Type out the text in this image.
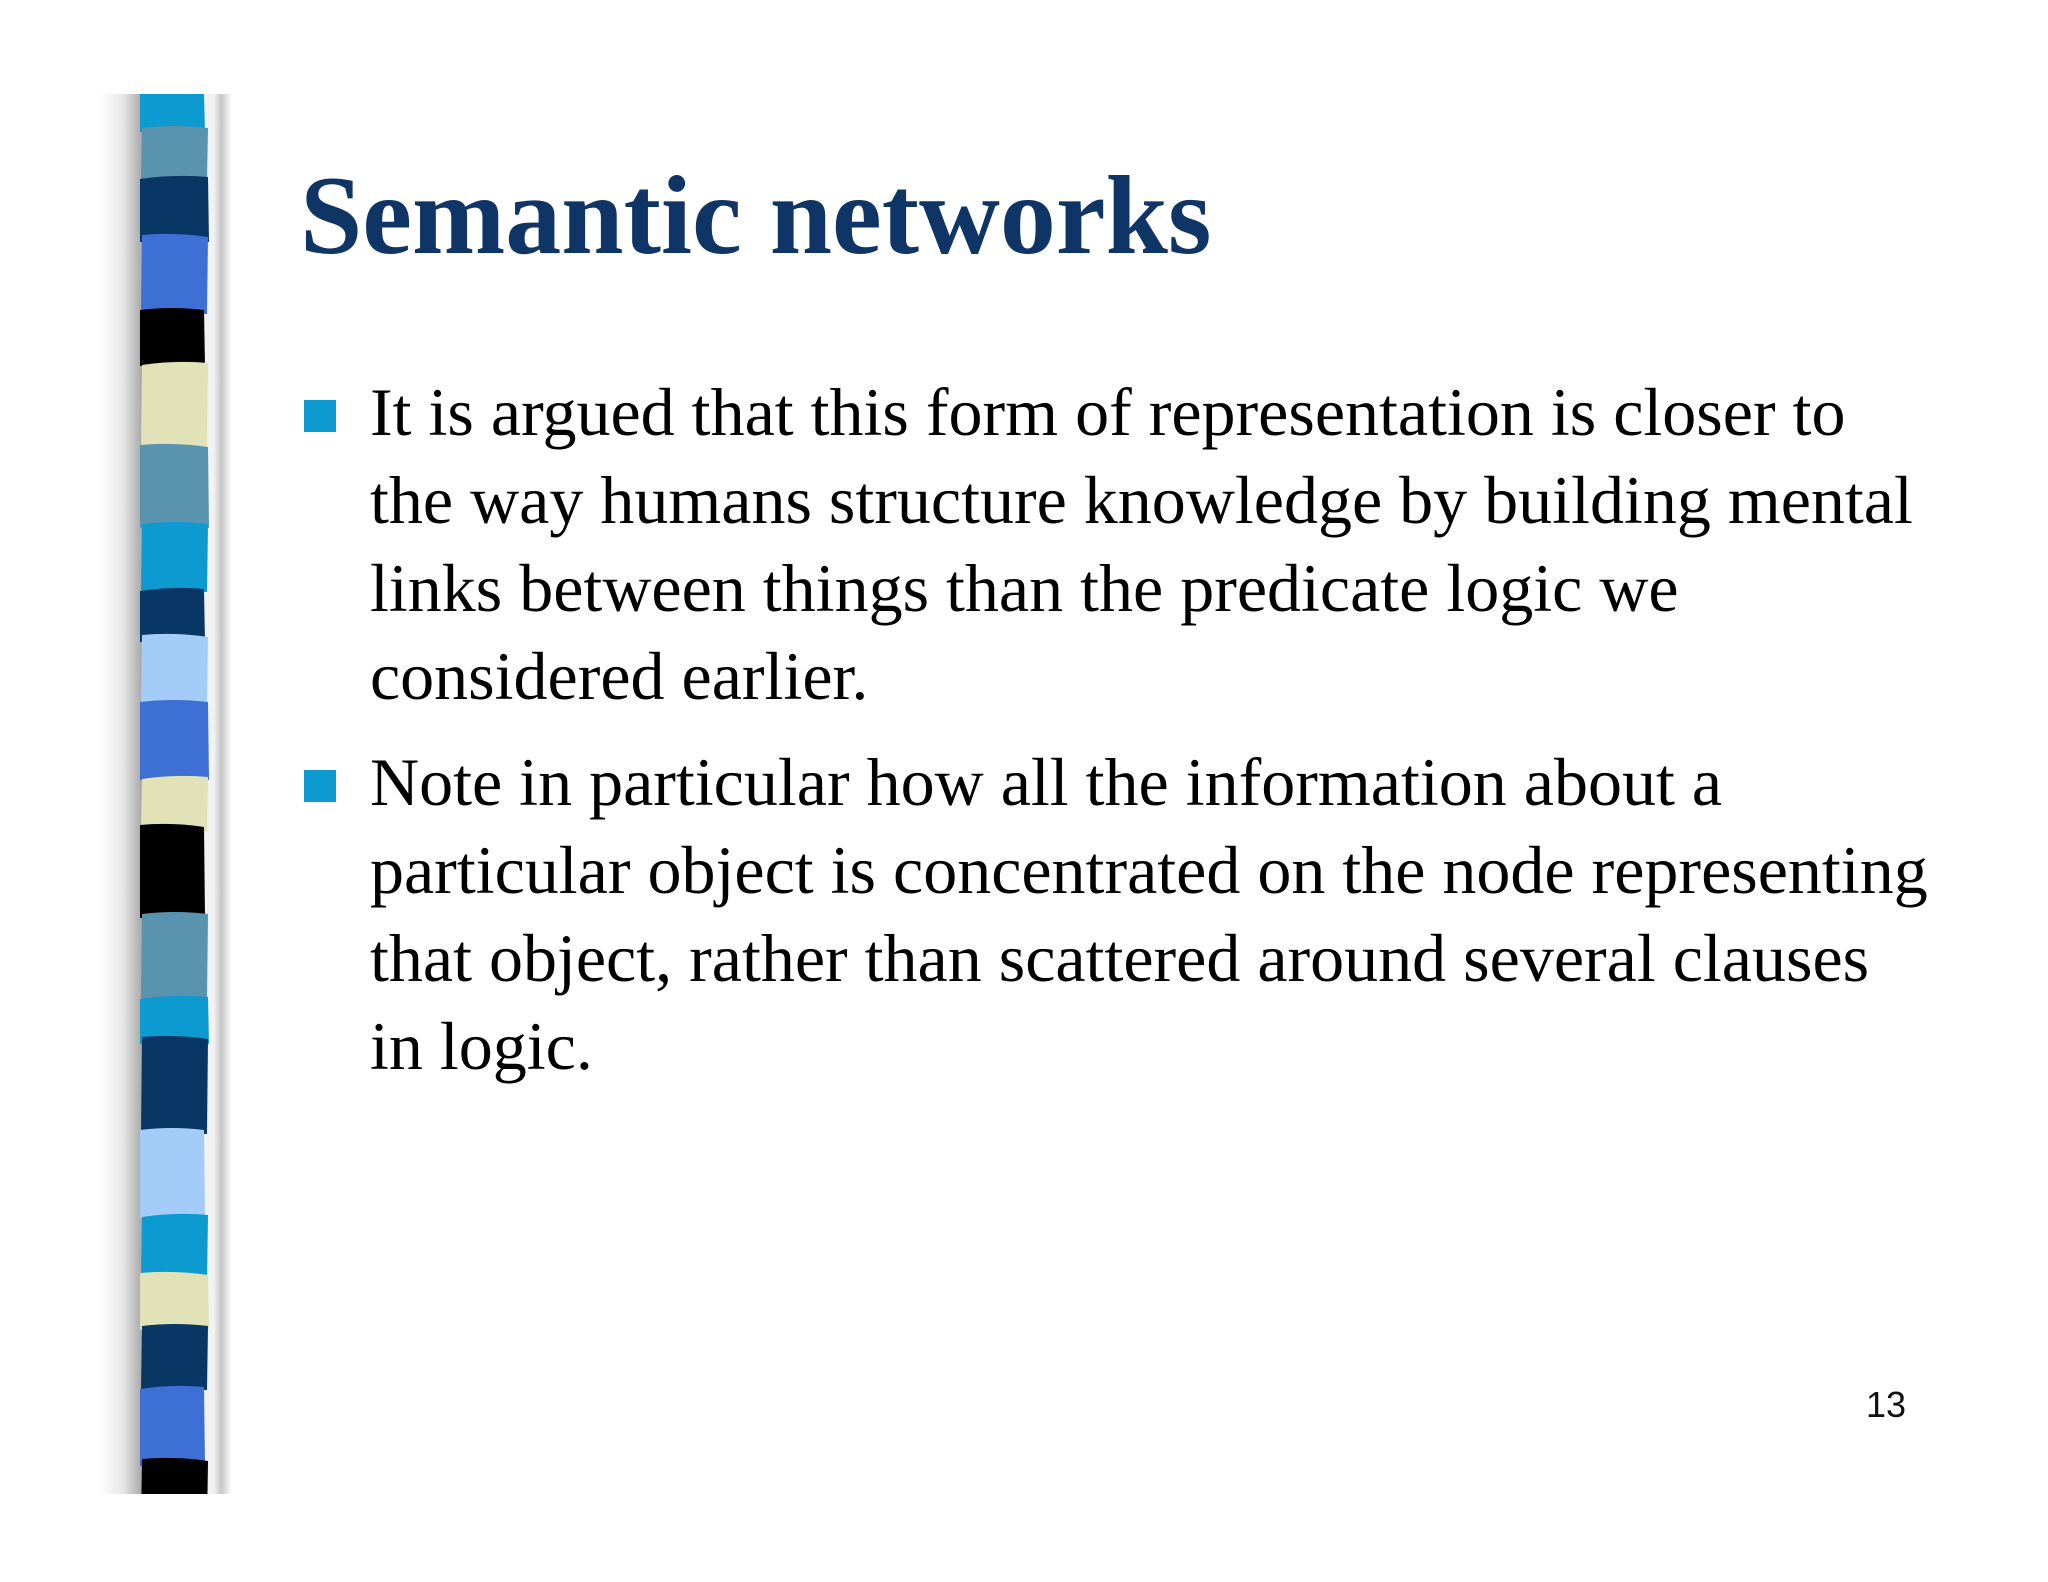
Semantic networks
It is argued that this form of representation is closer to the way humans structure knowledge by building mental links between things than the predicate logic we considered earlier.
Note in particular how all the information about a particular object is concentrated on the node representing that object, rather than scattered around several clauses in logic.
13
